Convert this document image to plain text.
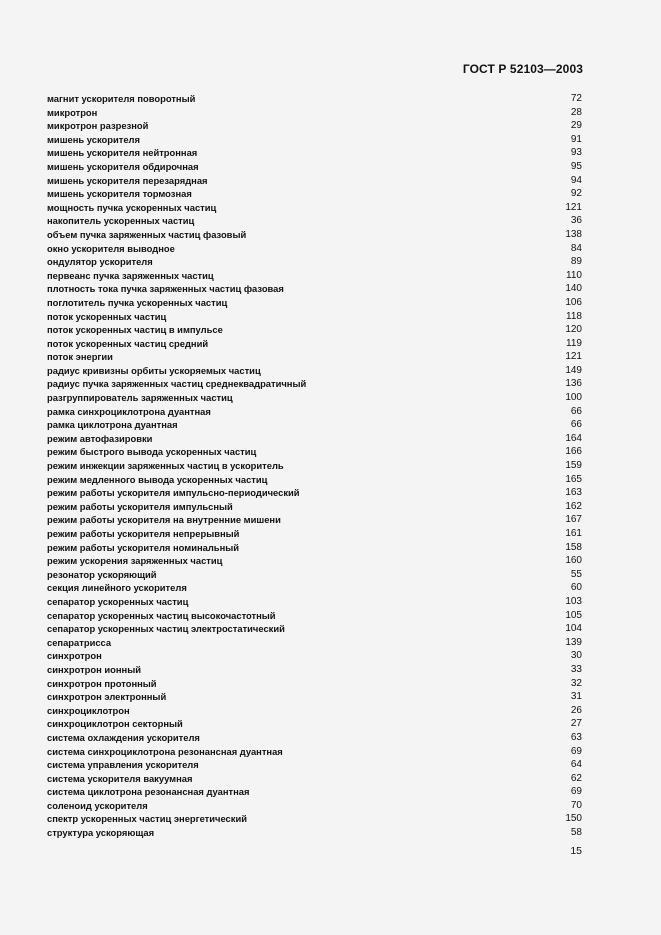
ГОСТ Р 52103—2003
магнит ускорителя поворотный	72
микротрон	28
микротрон разрезной	29
мишень ускорителя	91
мишень ускорителя нейтронная	93
мишень ускорителя обдирочная	95
мишень ускорителя перезарядная	94
мишень ускорителя тормозная	92
мощность пучка ускоренных частиц	121
накопитель ускоренных частиц	36
объем пучка заряженных частиц фазовый	138
окно ускорителя выводное	84
ондулятор ускорителя	89
первеанс пучка заряженных частиц	110
плотность тока пучка заряженных частиц фазовая	140
поглотитель пучка ускоренных частиц	106
поток ускоренных частиц	118
поток ускоренных частиц в импульсе	120
поток ускоренных частиц средний	119
поток энергии	121
радиус кривизны орбиты ускоряемых частиц	149
радиус пучка заряженных частиц среднеквадратичный	136
разгруппирователь заряженных частиц	100
рамка синхроциклотрона дуантная	66
рамка циклотрона дуантная	66
режим автофазировки	164
режим быстрого вывода ускоренных частиц	166
режим инжекции заряженных частиц в ускоритель	159
режим медленного вывода ускоренных частиц	165
режим работы ускорителя импульсно-периодический	163
режим работы ускорителя импульсный	162
режим работы ускорителя на внутренние мишени	167
режим работы ускорителя непрерывный	161
режим работы ускорителя номинальный	158
режим ускорения заряженных частиц	160
резонатор ускоряющий	55
секция линейного ускорителя	60
сепаратор ускоренных частиц	103
сепаратор ускоренных частиц высокочастотный	105
сепаратор ускоренных частиц электростатический	104
сепаратрисса	139
синхротрон	30
синхротрон ионный	33
синхротрон протонный	32
синхротрон электронный	31
синхроциклотрон	26
синхроциклотрон секторный	27
система охлаждения ускорителя	63
система синхроциклотрона резонансная дуантная	69
система управления ускорителя	64
система ускорителя вакуумная	62
система циклотрона резонансная дуантная	69
соленоид ускорителя	70
спектр ускоренных частиц энергетический	150
структура ускоряющая	58
15
